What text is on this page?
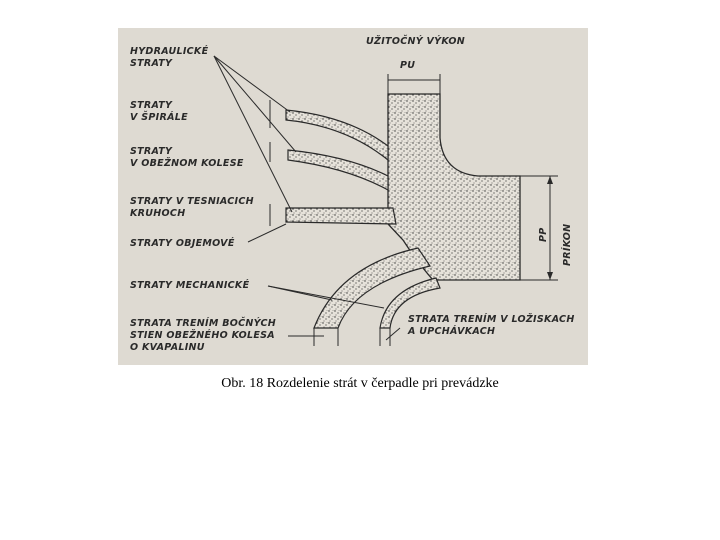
HYDRAULICKÉ
STRATY
STRATY
V ŠPIRÁLE
STRATY
V OBEŽNOM KOLESE
STRATY V TESNIACICH
KRUHOCH
STRATY OBJEMOVÉ
STRATY MECHANICKÉ
STRATA TRENÍM BOČNÝCH
STIEN OBEŽNÉHO KOLESA
O KVAPALINU
STRATA TRENÍM V LOŽISKACH
A UPCHÁVKACH
UŽITOČNÝ VÝKON
PU
PP PRÍKON
Obr. 18 Rozdelenie strát v čerpadle pri prevádzke
